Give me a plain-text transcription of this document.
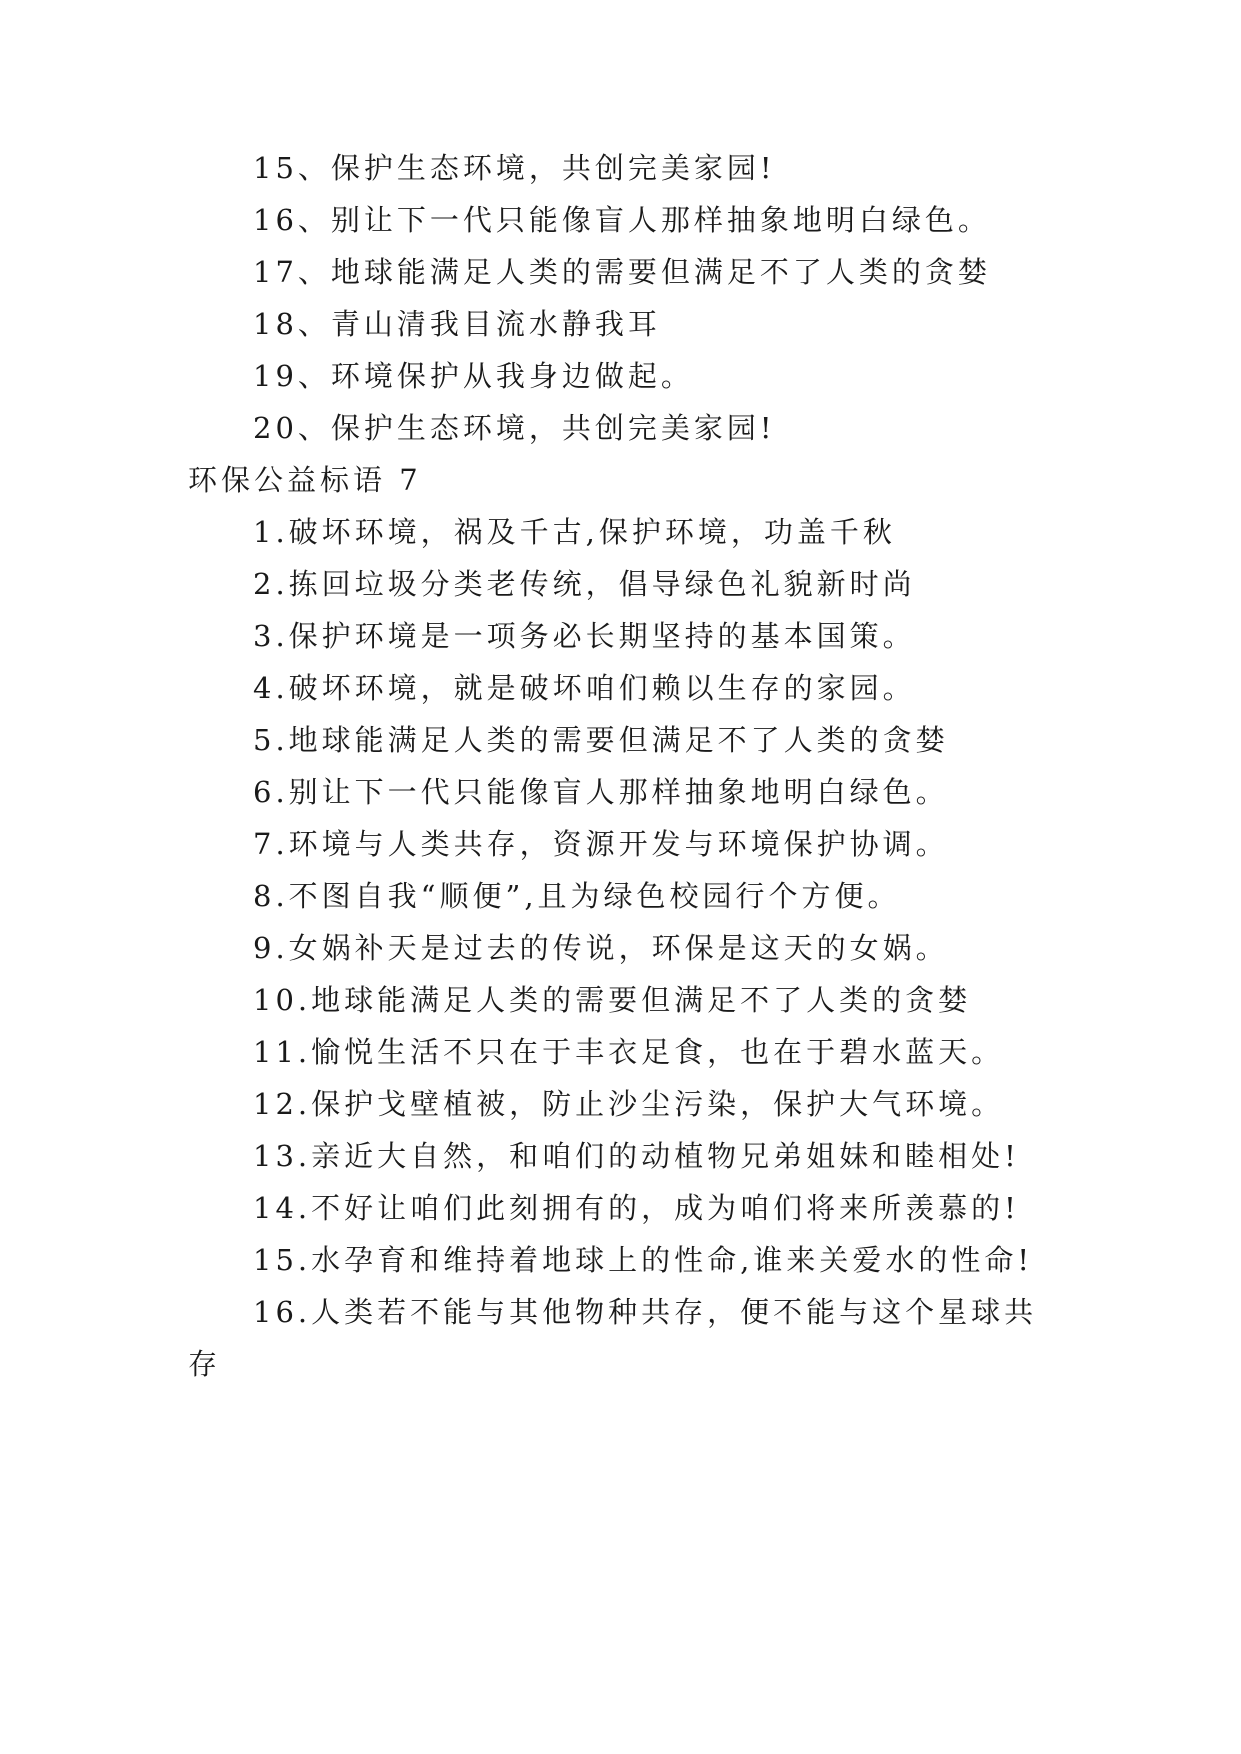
15、保护生态环境，共创完美家园!
16、别让下一代只能像盲人那样抽象地明白绿色。
17、地球能满足人类的需要但满足不了人类的贪婪
18、青山清我目流水静我耳
19、环境保护从我身边做起。
20、保护生态环境，共创完美家园!
环保公益标语 7
1.破坏环境，祸及千古,保护环境，功盖千秋
2.拣回垃圾分类老传统，倡导绿色礼貌新时尚
3.保护环境是一项务必长期坚持的基本国策。
4.破坏环境，就是破坏咱们赖以生存的家园。
5.地球能满足人类的需要但满足不了人类的贪婪
6.别让下一代只能像盲人那样抽象地明白绿色。
7.环境与人类共存，资源开发与环境保护协调。
8.不图自我“顺便”,且为绿色校园行个方便。
9.女娲补天是过去的传说，环保是这天的女娲。
10.地球能满足人类的需要但满足不了人类的贪婪
11.愉悦生活不只在于丰衣足食，也在于碧水蓝天。
12.保护戈壁植被，防止沙尘污染，保护大气环境。
13.亲近大自然，和咱们的动植物兄弟姐妹和睦相处!
14.不好让咱们此刻拥有的，成为咱们将来所羡慕的!
15.水孕育和维持着地球上的性命,谁来关爱水的性命!
16.人类若不能与其他物种共存，便不能与这个星球共
存
